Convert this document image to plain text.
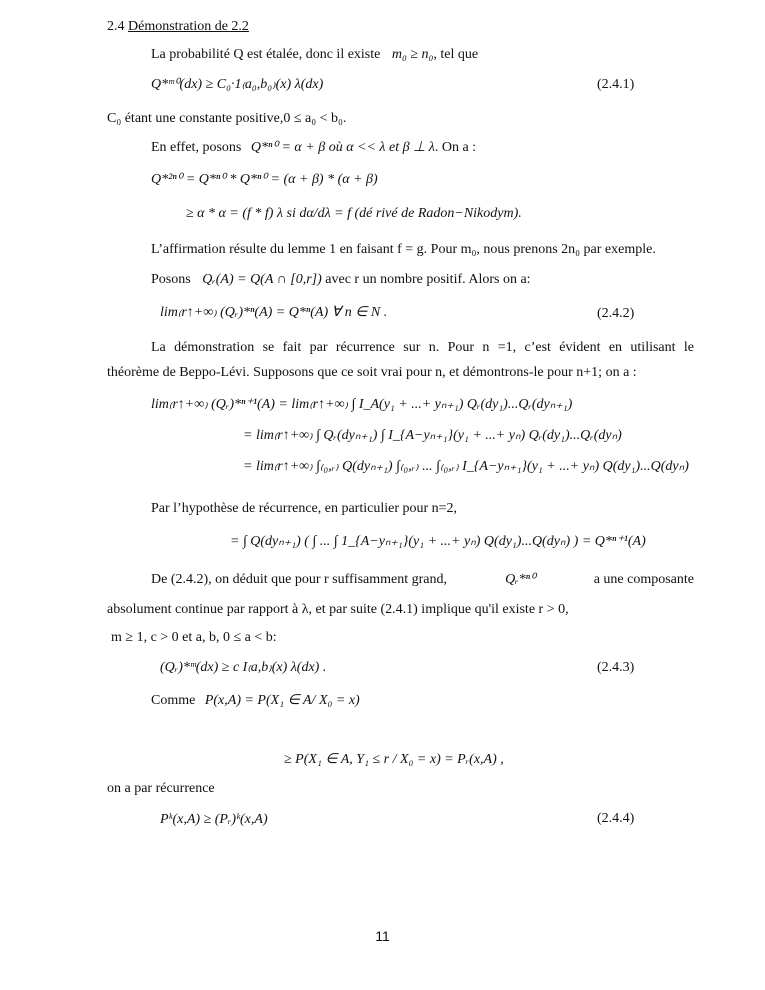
2.4 Démonstration de 2.2
La probabilité Q est étalée, donc il existe m₀ ≥ n₀, tel que
Q*ᵐ⁰(dx) ≥ C₀·1₍a₀,b₀₎(x) λ(dx)	(2.4.1)
C₀ étant une constante positive,0 ≤ a₀ < b₀.
En effet, posons Q*ⁿ⁰ = α + β où α << λ et β ⊥ λ. On a :
Q*²ⁿ⁰ = Q*ⁿ⁰ * Q*ⁿ⁰ = (α + β) * (α + β)
≥ α * α = (f * f) λ si dα/dλ = f (dé rivé de Radon−Nikodym).
L’affirmation résulte du lemme 1 en faisant f = g. Pour m₀, nous prenons 2n₀ par exemple.
Posons Qᵣ(A) = Q(A ∩ [0,r]) avec r un nombre positif. Alors on a:
lim₍r↑+∞₎ (Qᵣ)*ⁿ(A) = Q*ⁿ(A) ∀ n ∈ N .	(2.4.2)
La démonstration se fait par récurrence sur n. Pour n =1, c’est évident en utilisant le
théorème de Beppo-Lévi. Supposons que ce soit vrai pour n, et démontrons-le pour n+1; on a :
lim₍r↑+∞₎ (Qᵣ)*ⁿ⁺¹(A) = lim₍r↑+∞₎ ∫ I_A(y₁ + ...+ yₙ₊₁) Qᵣ(dy₁)...Qᵣ(dyₙ₊₁)
= lim₍r↑+∞₎ ∫ Qᵣ(dyₙ₊₁) ∫ I_{A−yₙ₊₁}(y₁ + ...+ yₙ) Qᵣ(dy₁)...Qᵣ(dyₙ)
= lim₍r↑+∞₎ ∫₍₀,ᵣ₎ Q(dyₙ₊₁) ∫₍₀,ᵣ₎ ... ∫₍₀,ᵣ₎ I_{A−yₙ₊₁}(y₁ + ...+ yₙ) Q(dy₁)...Q(dyₙ)
Par l’hypothèse de récurrence, en particulier pour n=2,
= ∫ Q(dyₙ₊₁) ( ∫ ... ∫ 1_{A−yₙ₊₁}(y₁ + ...+ yₙ) Q(dy₁)...Q(dyₙ) ) = Q*ⁿ⁺¹(A)
De (2.4.2), on déduit que pour r suffisamment grand,	Qᵣ*ⁿ⁰	a une composante
absolument continue par rapport à λ, et par suite (2.4.1) implique qu'il existe r > 0,
m ≥ 1, c > 0 et a, b, 0 ≤ a < b:
(Qᵣ)*ᵐ(dx) ≥ c I₍a,b₎(x) λ(dx) .	(2.4.3)
Comme P(x,A) = P(X₁ ∈ A/ X₀ = x)
≥ P(X₁ ∈ A, Y₁ ≤ r / X₀ = x) = Pᵣ(x,A) ,
on a par récurrence
Pᵏ(x,A) ≥ (Pᵣ)ᵏ(x,A)	(2.4.4)
11
